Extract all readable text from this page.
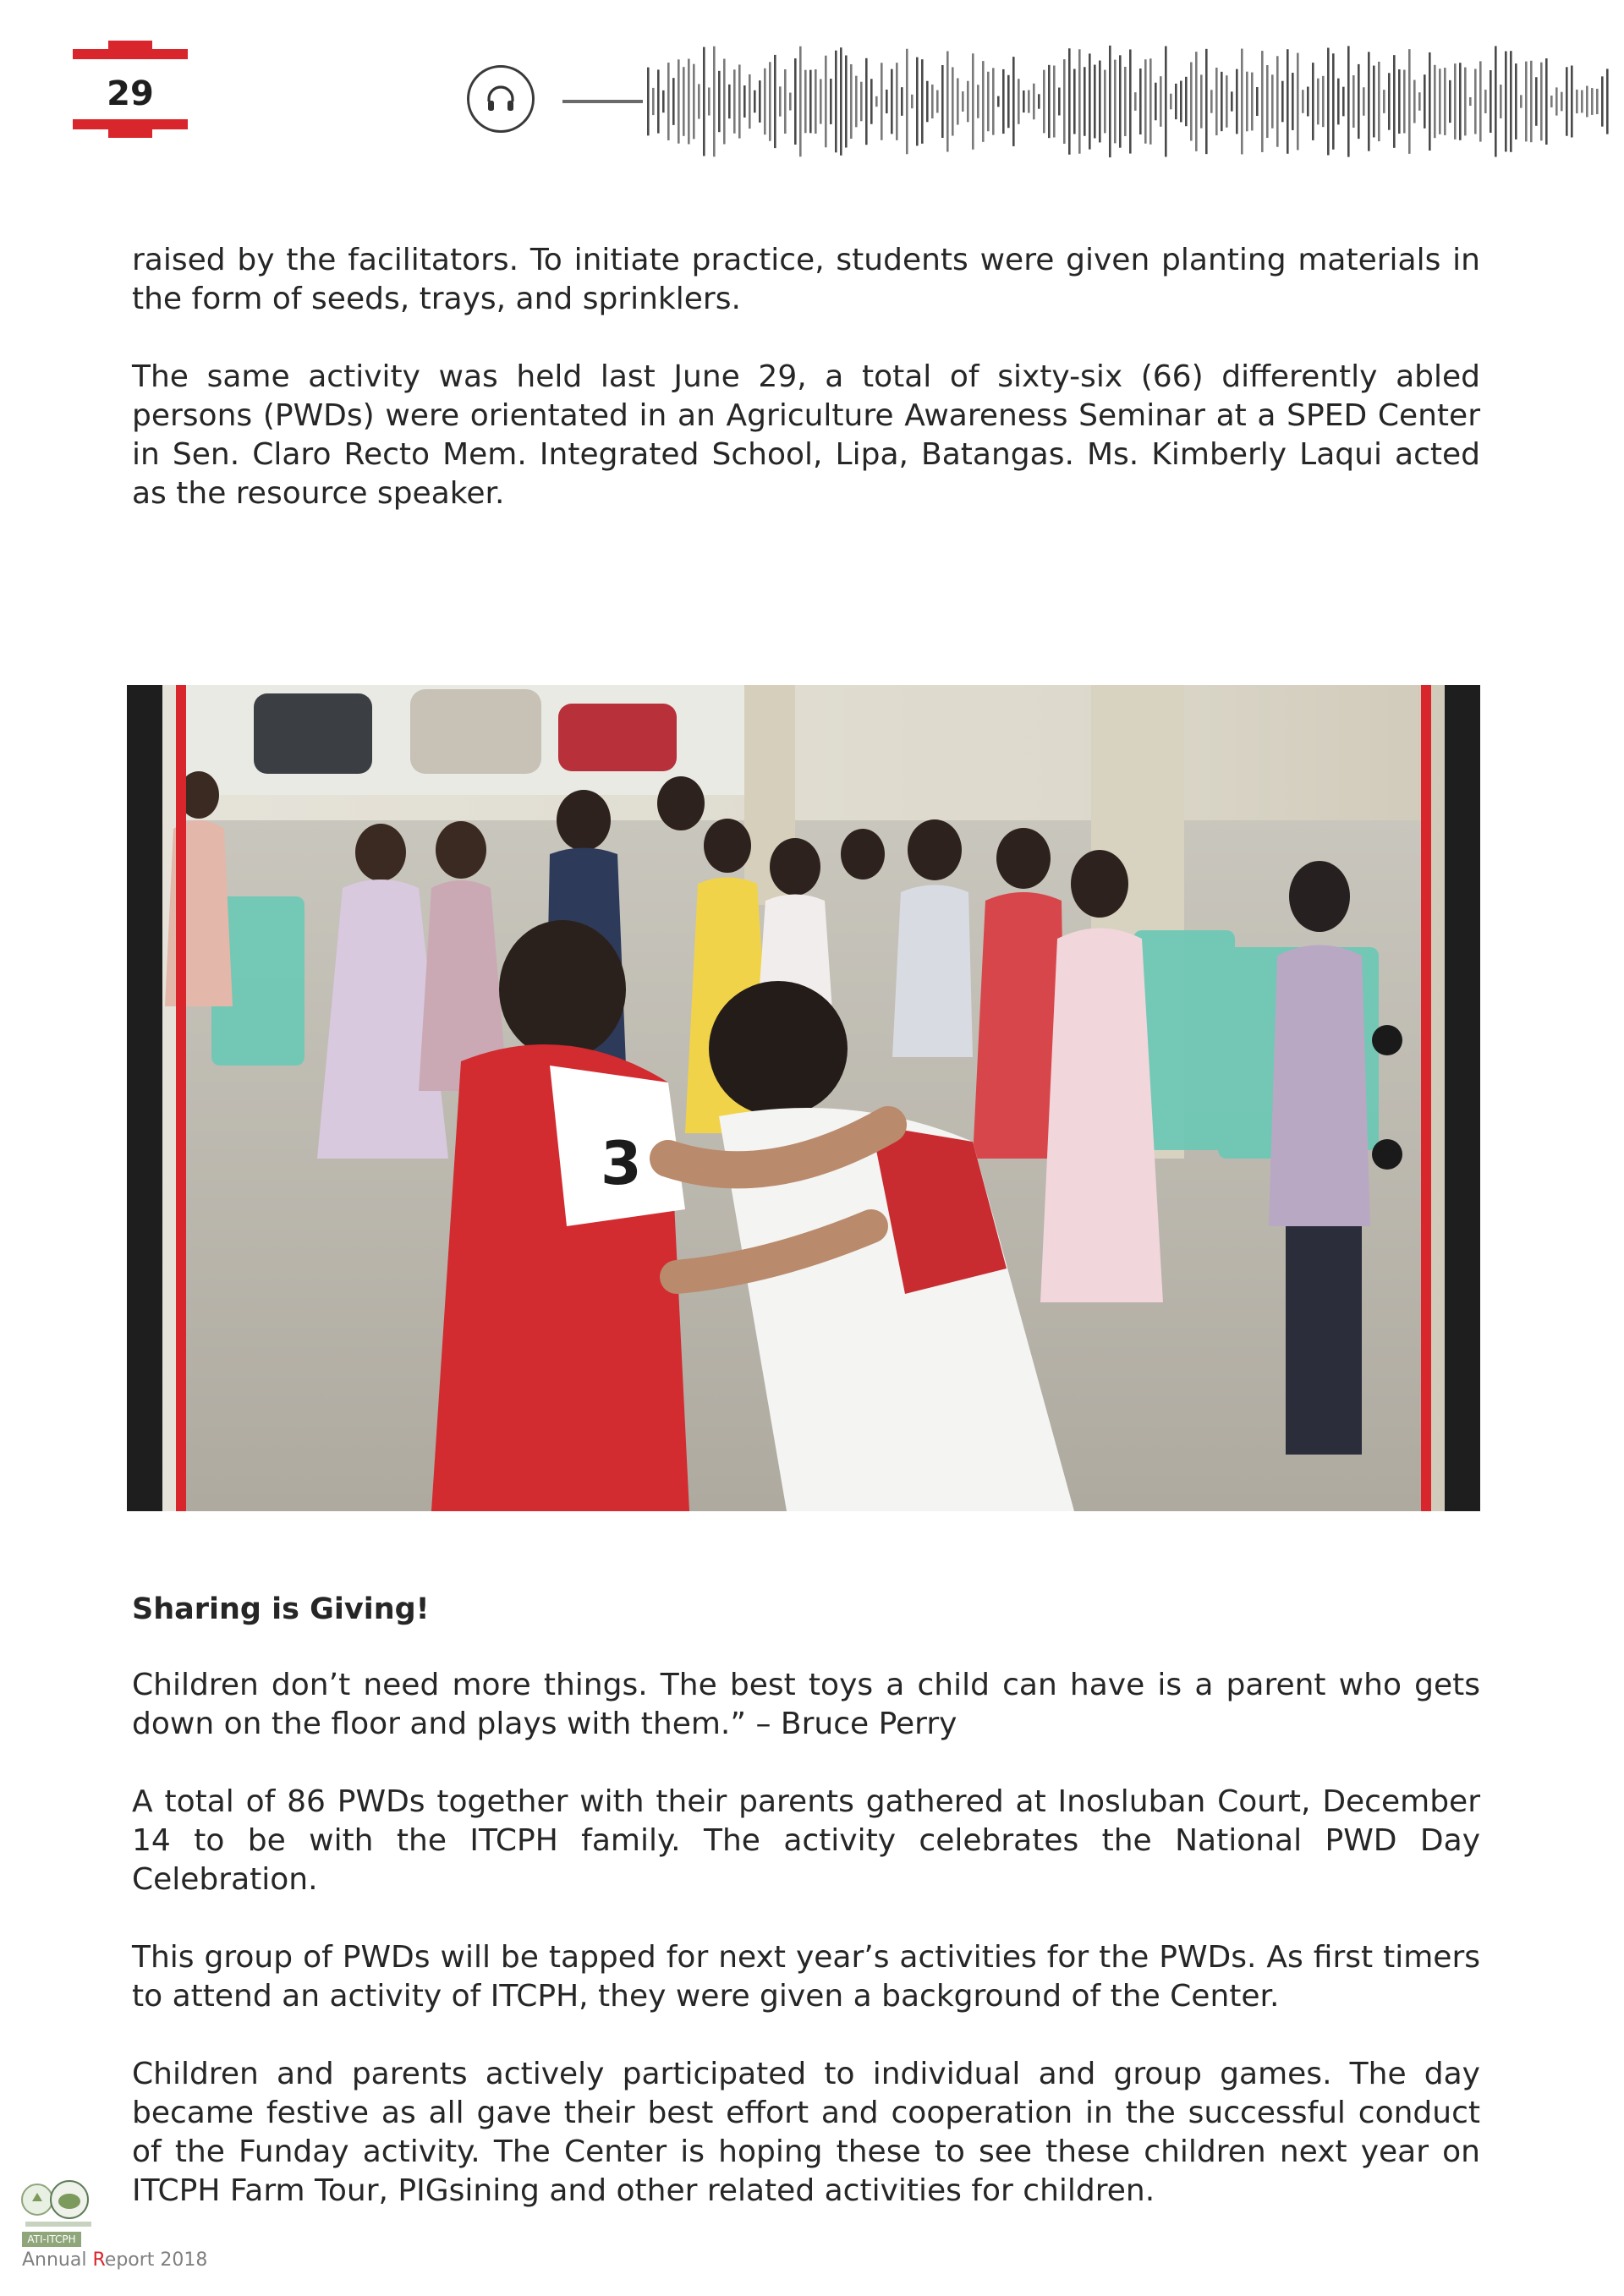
29

raised by the facilitators. To initiate practice, students were given planting materials in the form of seeds, trays, and sprinklers.

The same activity was held last June 29, a total of sixty-six (66) differently abled persons (PWDs) were orientated in an Agriculture Awareness Seminar at a SPED Center in Sen. Claro Recto Mem. Integrated School, Lipa, Batangas. Ms. Kimberly Laqui acted as the resource speaker.

3

Sharing is Giving!

Children don’t need more things. The best toys a child can have is a parent who gets down on the floor and plays with them.” – Bruce Perry

A total of 86 PWDs together with their parents gathered at Inosluban Court, December 14 to be with the ITCPH family. The activity celebrates the National PWD Day Celebration.

This group of PWDs will be tapped for next year’s activities for the PWDs. As first timers to attend an activity of ITCPH, they were given a background of the Center.

Children and parents actively participated to individual and group games. The day became festive as all gave their best effort and cooperation in the successful conduct of the Funday activity. The Center is hoping these to see these children next year on ITCPH Farm Tour, PIGsining and other related activities for children.

ATI-ITCPH
Annual Report 2018
